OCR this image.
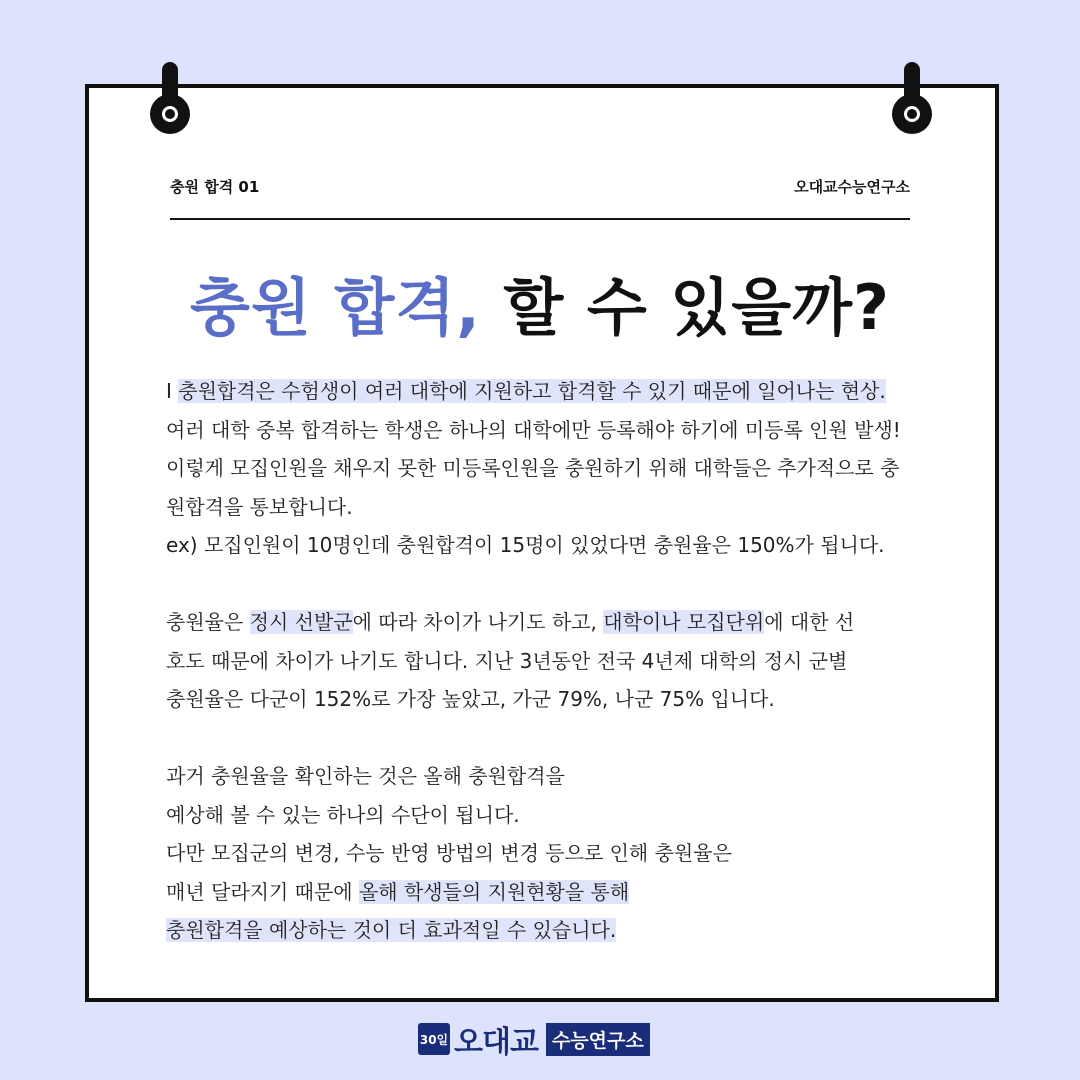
충원 합격 01	오대교수능연구소
충원 합격, 할 수 있을까?
I 충원합격은 수험생이 여러 대학에 지원하고 합격할 수 있기 때문에 일어나는 현상.
여러 대학 중복 합격하는 학생은 하나의 대학에만 등록해야 하기에 미등록 인원 발생!
이렇게 모집인원을 채우지 못한 미등록인원을 충원하기 위해 대학들은 추가적으로 충
원합격을 통보합니다.
ex) 모집인원이 10명인데 충원합격이 15명이 있었다면 충원율은 150%가 됩니다.
충원율은 정시 선발군에 따라 차이가 나기도 하고, 대학이나 모집단위에 대한 선
호도 때문에 차이가 나기도 합니다. 지난 3년동안 전국 4년제 대학의 정시 군별
충원율은 다군이 152%로 가장 높았고, 가군 79%, 나군 75% 입니다.
과거 충원율을 확인하는 것은 올해 충원합격을
예상해 볼 수 있는 하나의 수단이 됩니다.
다만 모집군의 변경, 수능 반영 방법의 변경 등으로 인해 충원율은
매년 달라지기 때문에 올해 학생들의 지원현황을 통해
충원합격을 예상하는 것이 더 효과적일 수 있습니다.
30일 오대교 수능연구소
